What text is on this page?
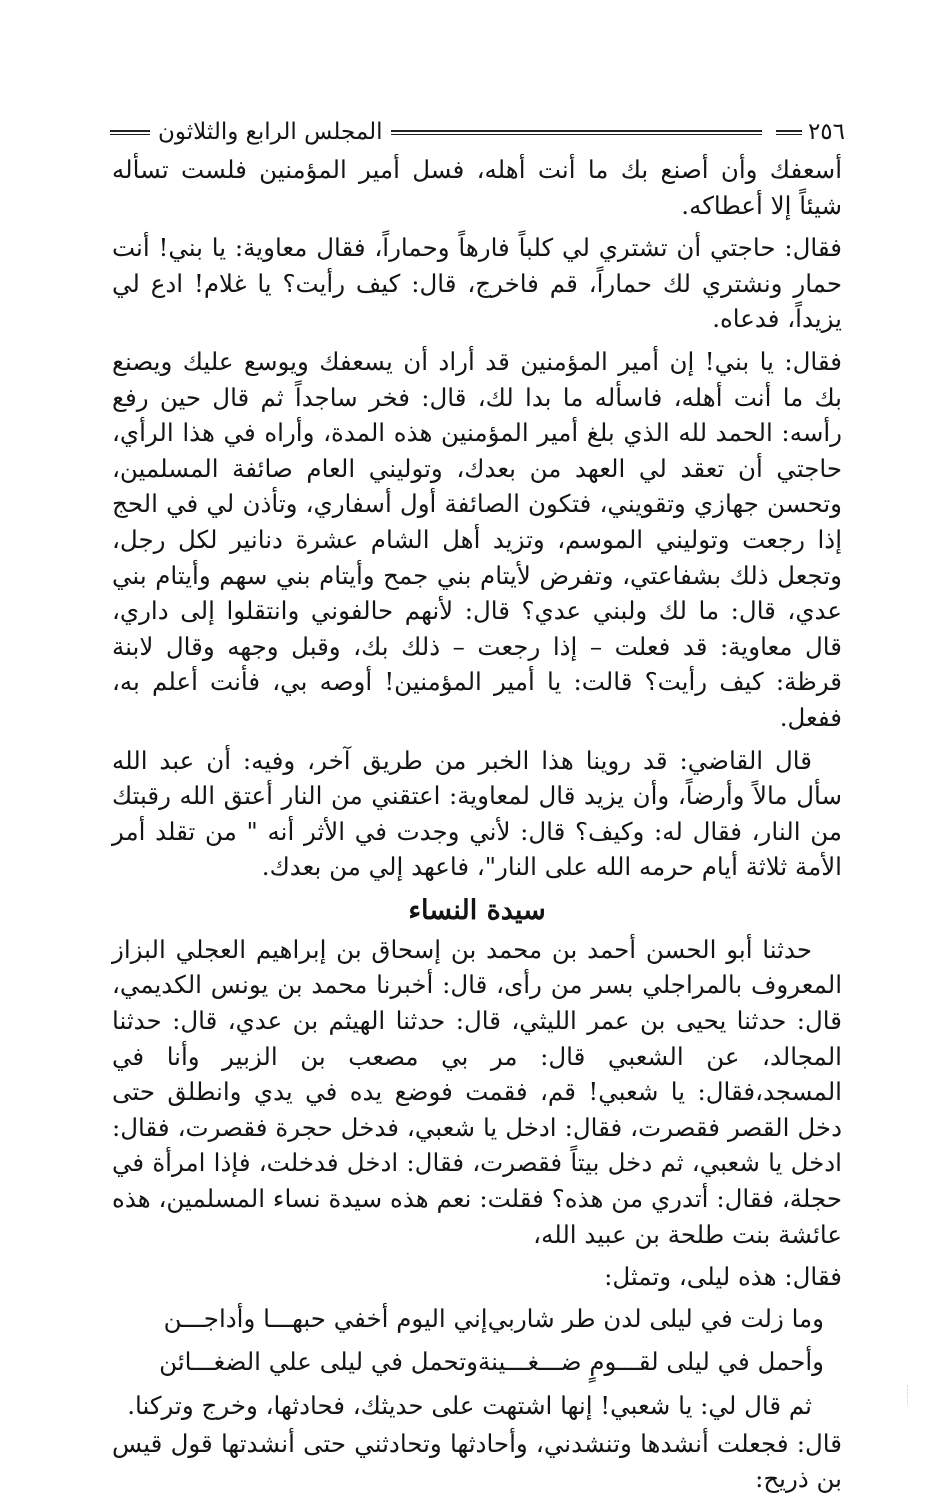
٢٥٦
المجلس الرابع والثلاثون

أسعفك وأن أصنع بك ما أنت أهله، فسل أمير المؤمنين فلست تسأله شيئاً إلا أعطاكه.

فقال: حاجتي أن تشتري لي كلباً فارهاً وحماراً، فقال معاوية: يا بني! أنت حمار ونشتري لك حماراً، قم فاخرج، قال: كيف رأيت؟ يا غلام! ادع لي يزيداً، فدعاه.

فقال: يا بني! إن أمير المؤمنين قد أراد أن يسعفك ويوسع عليك ويصنع بك ما أنت أهله، فاسأله ما بدا لك، قال: فخر ساجداً ثم قال حين رفع رأسه: الحمد لله الذي بلغ أمير المؤمنين هذه المدة، وأراه في هذا الرأي، حاجتي أن تعقد لي العهد من بعدك، وتوليني العام صائفة المسلمين، وتحسن جهازي وتقويني، فتكون الصائفة أول أسفاري، وتأذن لي في الحج إذا رجعت وتوليني الموسم، وتزيد أهل الشام عشرة دنانير لكل رجل، وتجعل ذلك بشفاعتي، وتفرض لأيتام بني جمح وأيتام بني سهم وأيتام بني عدي، قال: ما لك ولبني عدي؟ قال: لأنهم حالفوني وانتقلوا إلى داري، قال معاوية: قد فعلت – إذا رجعت – ذلك بك، وقبل وجهه وقال لابنة قرظة: كيف رأيت؟ قالت: يا أمير المؤمنين! أوصه بي، فأنت أعلم به، ففعل.

قال القاضي: قد روينا هذا الخبر من طريق آخر، وفيه: أن عبد الله سأل مالاً وأرضاً، وأن يزيد قال لمعاوية: اعتقني من النار أعتق الله رقبتك من النار، فقال له: وكيف؟ قال: لأني وجدت في الأثر أنه " من تقلد أمر الأمة ثلاثة أيام حرمه الله على النار"، فاعهد إلي من بعدك.

سيدة النساء

حدثنا أبو الحسن أحمد بن محمد بن إسحاق بن إبراهيم العجلي البزاز المعروف بالمراجلي بسر من رأى، قال: أخبرنا محمد بن يونس الكديمي، قال: حدثنا يحيى بن عمر الليثي، قال: حدثنا الهيثم بن عدي، قال: حدثنا المجالد، عن الشعبي قال: مر بي مصعب بن الزبير وأنا في المسجد،فقال: يا شعبي! قم، فقمت فوضع يده في يدي وانطلق حتى دخل القصر فقصرت، فقال: ادخل يا شعبي، فدخل حجرة فقصرت، فقال: ادخل يا شعبي، ثم دخل بيتاً فقصرت، فقال: ادخل فدخلت، فإذا امرأة في حجلة، فقال: أتدري من هذه؟ فقلت: نعم هذه سيدة نساء المسلمين، هذه عائشة بنت طلحة بن عبيد الله،

فقال: هذه ليلى، وتمثل:

وما زلت في ليلى لدن طر شاربي
إني اليوم أخفي حبهـــا وأداجـــن
وأحمل في ليلى لقـــومٍ ضـــغـــينة
وتحمل في ليلى علي الضغـــائن

ثم قال لي: يا شعبي! إنها اشتهت على حديثك، فحادثها، وخرج وتركنا.

قال: فجعلت أنشدها وتنشدني، وأحادثها وتحادثني حتى أنشدتها قول قيس بن ذريح:
